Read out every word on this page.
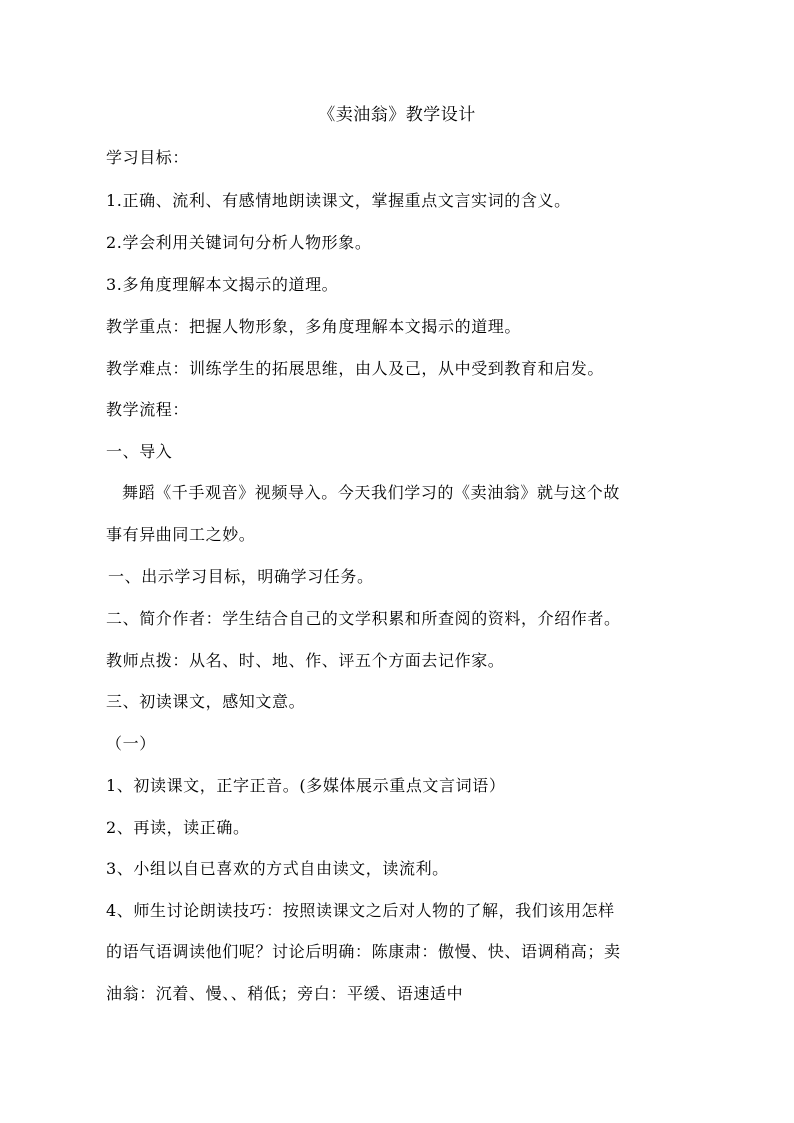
《卖油翁》教学设计
学习目标：
1.正确、流利、有感情地朗读课文，掌握重点文言实词的含义。
2.学会利用关键词句分析人物形象。
3.多角度理解本文揭示的道理。
教学重点：把握人物形象，多角度理解本文揭示的道理。
教学难点：训练学生的拓展思维，由人及己，从中受到教育和启发。
教学流程：
一、导入
舞蹈《千手观音》视频导入。今天我们学习的《卖油翁》就与这个故
事有异曲同工之妙。
一、出示学习目标，明确学习任务。
二、简介作者：学生结合自己的文学积累和所查阅的资料，介绍作者。
教师点拨：从名、时、地、作、评五个方面去记作家。
三、初读课文，感知文意。
（一）
1、初读课文，正字正音。(多媒体展示重点文言词语）
2、再读，读正确。
3、小组以自已喜欢的方式自由读文，读流利。
4、师生讨论朗读技巧：按照读课文之后对人物的了解，我们该用怎样
的语气语调读他们呢？讨论后明确：陈康肃：傲慢、快、语调稍高；卖
油翁：沉着、慢、、稍低；旁白：平缓、语速适中
